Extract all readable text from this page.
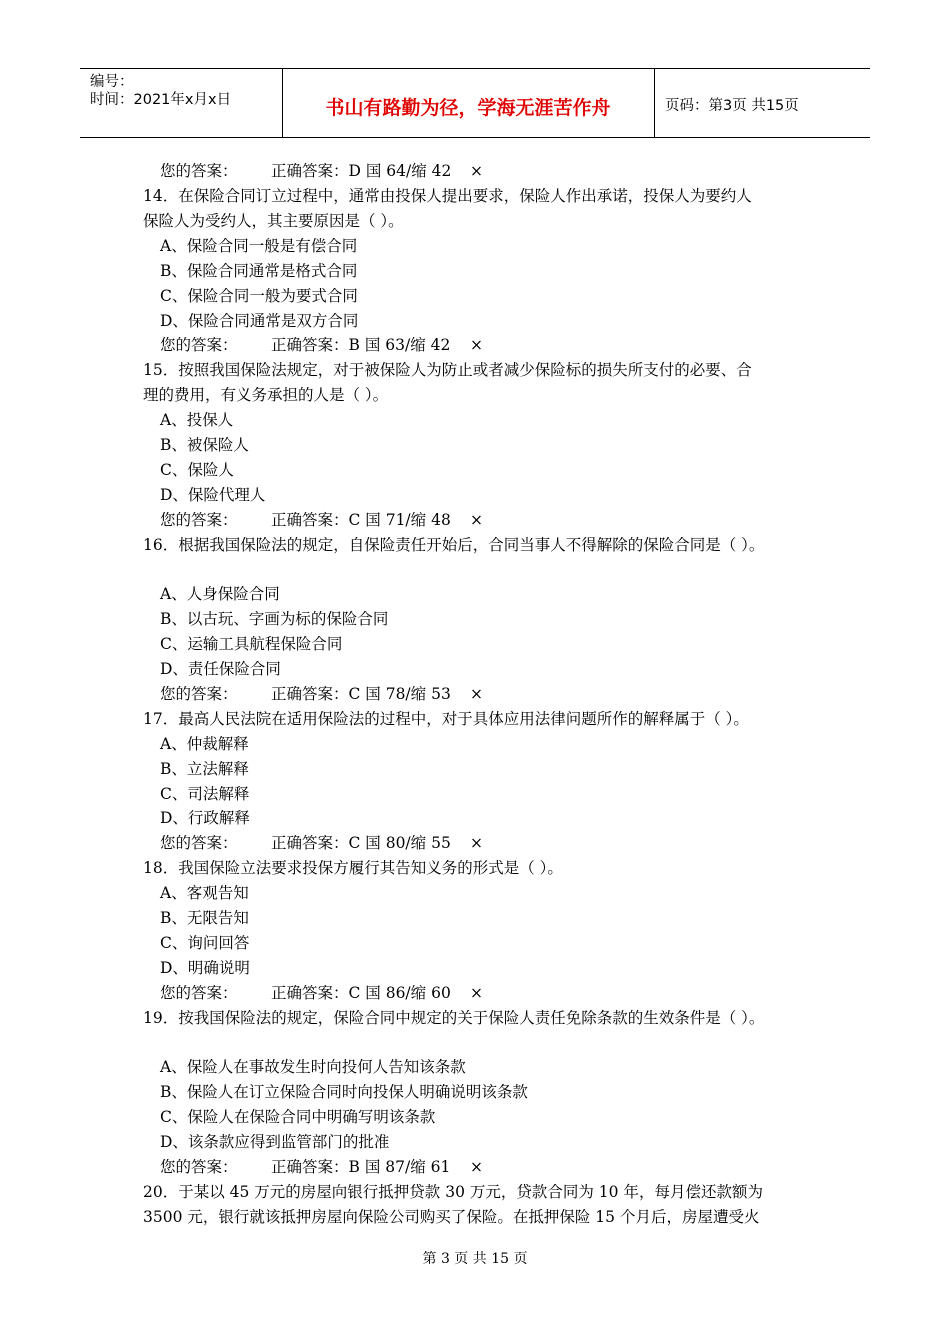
编号：
时间：2021年x月x日	书山有路勤为径，学海无涯苦作舟	页码：第3页 共15页
您的答案： 正确答案：D 国 64/缩 42 ×
14．在保险合同订立过程中，通常由投保人提出要求，保险人作出承诺，投保人为要约人
保险人为受约人，其主要原因是（ ）。
A、保险合同一般是有偿合同
B、保险合同通常是格式合同
C、保险合同一般为要式合同
D、保险合同通常是双方合同
您的答案： 正确答案：B 国 63/缩 42 ×
15．按照我国保险法规定，对于被保险人为防止或者减少保险标的损失所支付的必要、合
理的费用，有义务承担的人是（ ）。
A、投保人
B、被保险人
C、保险人
D、保险代理人
您的答案： 正确答案：C 国 71/缩 48 ×
16．根据我国保险法的规定，自保险责任开始后，合同当事人不得解除的保险合同是（ ）。
A、人身保险合同
B、以古玩、字画为标的保险合同
C、运输工具航程保险合同
D、责任保险合同
您的答案： 正确答案：C 国 78/缩 53 ×
17．最高人民法院在适用保险法的过程中，对于具体应用法律问题所作的解释属于（ ）。
A、仲裁解释
B、立法解释
C、司法解释
D、行政解释
您的答案： 正确答案：C 国 80/缩 55 ×
18．我国保险立法要求投保方履行其告知义务的形式是（ ）。
A、客观告知
B、无限告知
C、询问回答
D、明确说明
您的答案： 正确答案：C 国 86/缩 60 ×
19．按我国保险法的规定，保险合同中规定的关于保险人责任免除条款的生效条件是（ ）。
A、保险人在事故发生时向投何人告知该条款
B、保险人在订立保险合同时向投保人明确说明该条款
C、保险人在保险合同中明确写明该条款
D、该条款应得到监管部门的批准
您的答案： 正确答案：B 国 87/缩 61 ×
20．于某以 45 万元的房屋向银行抵押贷款 30 万元，贷款合同为 10 年，每月偿还款额为
3500 元，银行就该抵押房屋向保险公司购买了保险。在抵押保险 15 个月后，房屋遭受火
第 3 页 共 15 页
